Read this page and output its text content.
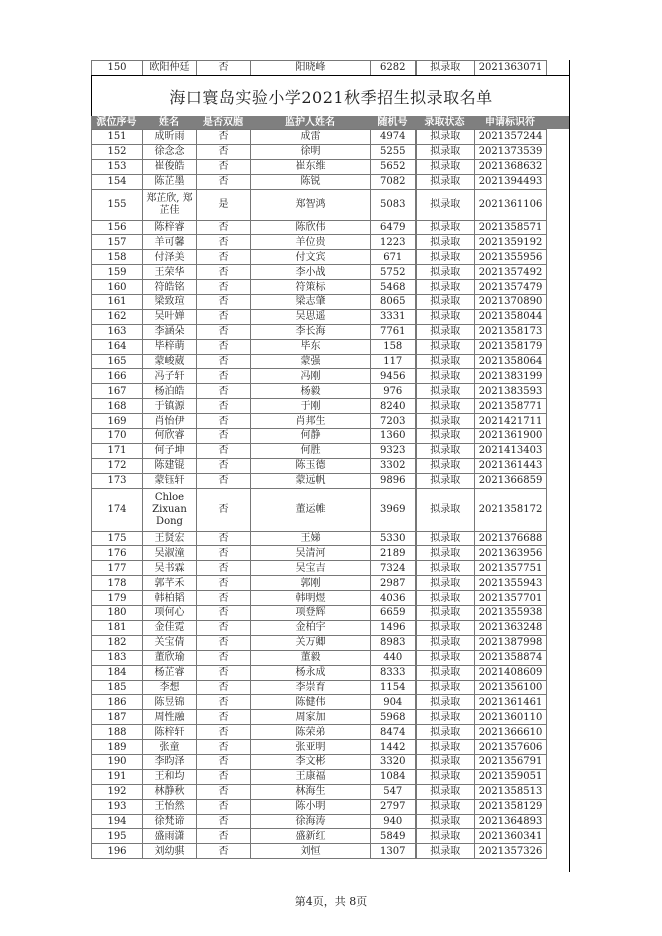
150	欧阳仲廷	否	阳晓峰	6282	拟录取	2021363071
海口寰岛实验小学2021秋季招生拟录取名单
派位序号	姓名	是否双胞	监护人姓名	随机号	录取状态	申请标识符
151	成昕雨	否	成雷	4974	拟录取	2021357244
152	徐念念	否	徐明	5255	拟录取	2021373539
153	崔俊皓	否	崔东维	5652	拟录取	2021368632
154	陈芷墨	否	陈锐	7082	拟录取	2021394493
155	郑芷欣, 郑芷佳	是	郑智鸿	5083	拟录取	2021361106
156	陈梓睿	否	陈欣伟	6479	拟录取	2021358571
157	羊可馨	否	羊位贵	1223	拟录取	2021359192
158	付泽美	否	付文宾	671	拟录取	2021355956
159	王荣华	否	李小战	5752	拟录取	2021357492
160	符皓铭	否	符策标	5468	拟录取	2021357479
161	梁致瑄	否	梁志肇	8065	拟录取	2021370890
162	吴叶婵	否	吴思遥	3331	拟录取	2021358044
163	李涵朵	否	李长海	7761	拟录取	2021358173
164	毕梓萌	否	毕东	158	拟录取	2021358179
165	蒙峻葳	否	蒙强	117	拟录取	2021358064
166	冯子轩	否	冯刚	9456	拟录取	2021383199
167	杨泊皓	否	杨毅	976	拟录取	2021383593
168	于镇源	否	于刚	8240	拟录取	2021358771
169	肖怡伊	否	肖邦生	7203	拟录取	2021421711
170	何欣睿	否	何静	1360	拟录取	2021361900
171	何子坤	否	何胜	9323	拟录取	2021413403
172	陈建锟	否	陈玉德	3302	拟录取	2021361443
173	蒙钰轩	否	蒙远帆	9896	拟录取	2021366859
174	Chloe Zixuan Dong	否	董运帷	3969	拟录取	2021358172
175	王贤宏	否	王娣	5330	拟录取	2021376688
176	吴淑潼	否	吴清河	2189	拟录取	2021363956
177	吴书霖	否	吴宝吉	7324	拟录取	2021357751
178	郭芊禾	否	郭刚	2987	拟录取	2021355943
179	韩柏韬	否	韩明煜	4036	拟录取	2021357701
180	项何心	否	项登辉	6659	拟录取	2021355938
181	金佳霓	否	金柏宇	1496	拟录取	2021363248
182	关宝倩	否	关万卿	8983	拟录取	2021387998
183	董欣瑜	否	董毅	440	拟录取	2021358874
184	杨芷睿	否	杨永成	8333	拟录取	2021408609
185	李想	否	李崇育	1154	拟录取	2021356100
186	陈昱锦	否	陈健伟	904	拟录取	2021361461
187	周性融	否	周家加	5968	拟录取	2021360110
188	陈梓轩	否	陈荣弟	8474	拟录取	2021366610
189	张童	否	张亚明	1442	拟录取	2021357606
190	李昀泽	否	李文彬	3320	拟录取	2021356791
191	王和均	否	王康福	1084	拟录取	2021359051
192	林静秋	否	林海生	547	拟录取	2021358513
193	王怡然	否	陈小明	2797	拟录取	2021358129
194	徐梵谛	否	徐海涛	940	拟录取	2021364893
195	盛雨潇	否	盛新红	5849	拟录取	2021360341
196	刘幼骐	否	刘恒	1307	拟录取	2021357326
第4页，共 8页
